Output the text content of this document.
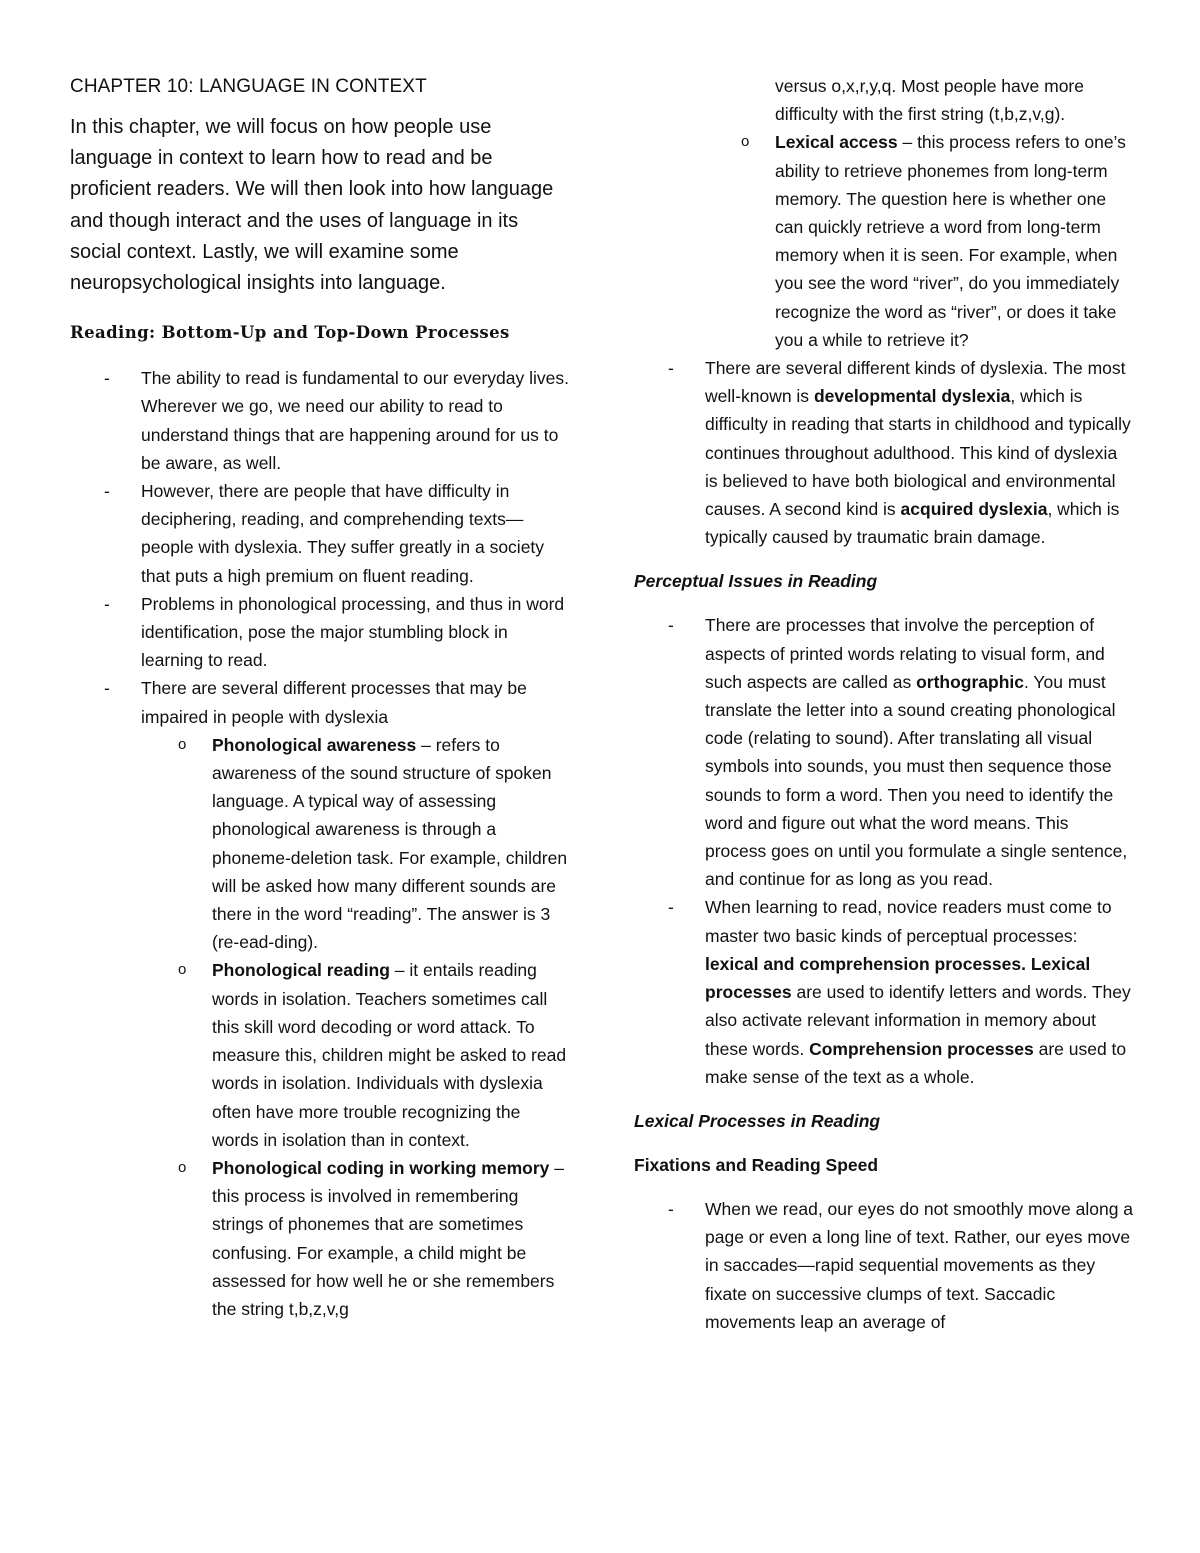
CHAPTER 10: LANGUAGE IN CONTEXT
In this chapter, we will focus on how people use language in context to learn how to read and be proficient readers. We will then look into how language and though interact and the uses of language in its social context. Lastly, we will examine some neuropsychological insights into language.
Reading: Bottom-Up and Top-Down Processes
- The ability to read is fundamental to our everyday lives. Wherever we go, we need our ability to read to understand things that are happening around for us to be aware, as well.
- However, there are people that have difficulty in deciphering, reading, and comprehending texts—people with dyslexia. They suffer greatly in a society that puts a high premium on fluent reading.
- Problems in phonological processing, and thus in word identification, pose the major stumbling block in learning to read.
- There are several different processes that may be impaired in people with dyslexia
o Phonological awareness – refers to awareness of the sound structure of spoken language. A typical way of assessing phonological awareness is through a phoneme-deletion task. For example, children will be asked how many different sounds are there in the word “reading”. The answer is 3 (re-ead-ding).
o Phonological reading – it entails reading words in isolation. Teachers sometimes call this skill word decoding or word attack. To measure this, children might be asked to read words in isolation. Individuals with dyslexia often have more trouble recognizing the words in isolation than in context.
o Phonological coding in working memory – this process is involved in remembering strings of phonemes that are sometimes confusing. For example, a child might be assessed for how well he or she remembers the string t,b,z,v,g
versus o,x,r,y,q. Most people have more difficulty with the first string (t,b,z,v,g).
o Lexical access – this process refers to one’s ability to retrieve phonemes from long-term memory. The question here is whether one can quickly retrieve a word from long-term memory when it is seen. For example, when you see the word “river”, do you immediately recognize the word as “river”, or does it take you a while to retrieve it?
- There are several different kinds of dyslexia. The most well-known is developmental dyslexia, which is difficulty in reading that starts in childhood and typically continues throughout adulthood. This kind of dyslexia is believed to have both biological and environmental causes. A second kind is acquired dyslexia, which is typically caused by traumatic brain damage.
Perceptual Issues in Reading
- There are processes that involve the perception of aspects of printed words relating to visual form, and such aspects are called as orthographic. You must translate the letter into a sound creating phonological code (relating to sound). After translating all visual symbols into sounds, you must then sequence those sounds to form a word. Then you need to identify the word and figure out what the word means. This process goes on until you formulate a single sentence, and continue for as long as you read.
- When learning to read, novice readers must come to master two basic kinds of perceptual processes: lexical and comprehension processes. Lexical processes are used to identify letters and words. They also activate relevant information in memory about these words. Comprehension processes are used to make sense of the text as a whole.
Lexical Processes in Reading
Fixations and Reading Speed
- When we read, our eyes do not smoothly move along a page or even a long line of text. Rather, our eyes move in saccades—rapid sequential movements as they fixate on successive clumps of text. Saccadic movements leap an average of
